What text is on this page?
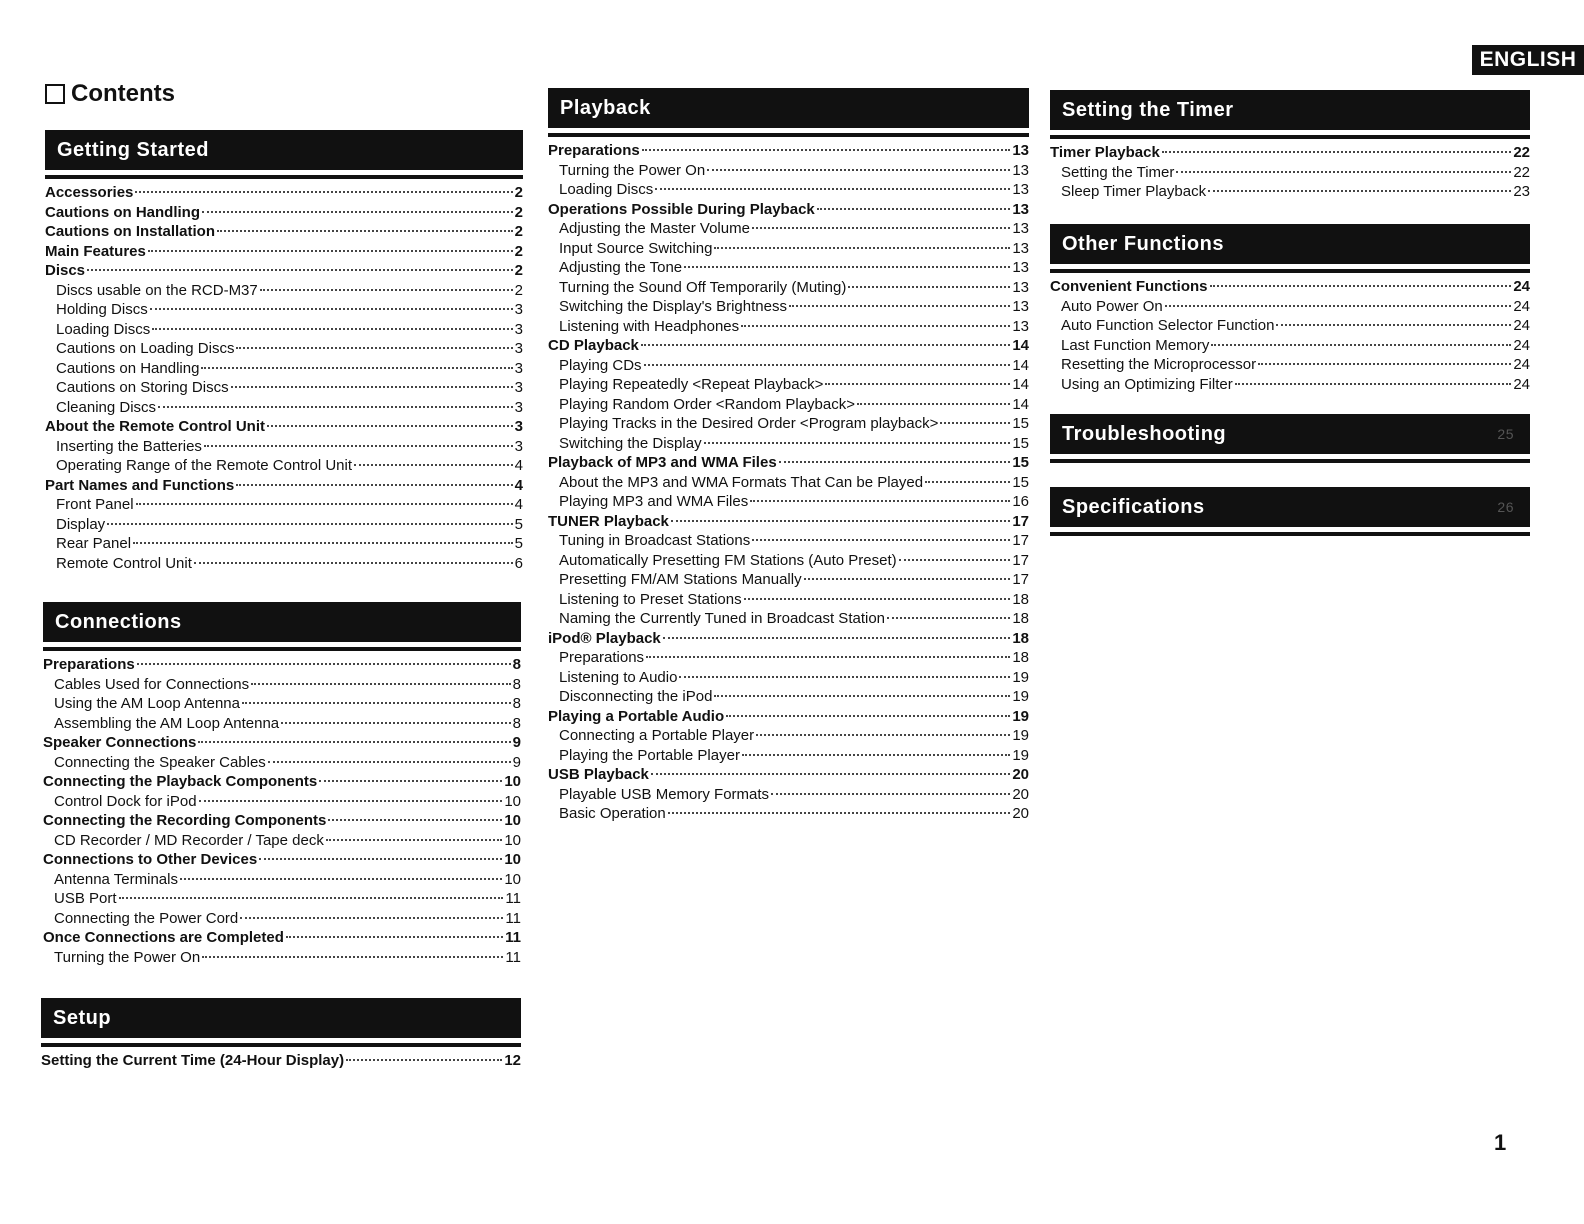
ENGLISH
Contents
Getting Started
Accessories	2
Cautions on Handling	2
Cautions on Installation	2
Main Features	2
Discs	2
Discs usable on the RCD-M37	2
Holding Discs	3
Loading Discs	3
Cautions on Loading Discs	3
Cautions on Handling	3
Cautions on Storing Discs	3
Cleaning Discs	3
About the Remote Control Unit	3
Inserting the Batteries	3
Operating Range of the Remote Control Unit	4
Part Names and Functions	4
Front Panel	4
Display	5
Rear Panel	5
Remote Control Unit	6
Connections
Preparations	8
Cables Used for Connections	8
Using the AM Loop Antenna	8
Assembling the AM Loop Antenna	8
Speaker Connections	9
Connecting the Speaker Cables	9
Connecting the Playback Components	10
Control Dock for iPod	10
Connecting the Recording Components	10
CD Recorder / MD Recorder / Tape deck	10
Connections to Other Devices	10
Antenna Terminals	10
USB Port	11
Connecting the Power Cord	11
Once Connections are Completed	11
Turning the Power On	11
Setup
Setting the Current Time (24-Hour Display)	12
Playback
Preparations	13
Turning the Power On	13
Loading Discs	13
Operations Possible During Playback	13
Adjusting the Master Volume	13
Input Source Switching	13
Adjusting the Tone	13
Turning the Sound Off Temporarily (Muting)	13
Switching the Display's Brightness	13
Listening with Headphones	13
CD Playback	14
Playing CDs	14
Playing Repeatedly <Repeat Playback>	14
Playing Random Order <Random Playback>	14
Playing Tracks in the Desired Order <Program playback>	15
Switching the Display	15
Playback of MP3 and WMA Files	15
About the MP3 and WMA Formats That Can be Played	15
Playing MP3 and WMA Files	16
TUNER Playback	17
Tuning in Broadcast Stations	17
Automatically Presetting FM Stations (Auto Preset)	17
Presetting FM/AM Stations Manually	17
Listening to Preset Stations	18
Naming the Currently Tuned in Broadcast Station	18
iPod® Playback	18
Preparations	18
Listening to Audio	19
Disconnecting the iPod	19
Playing a Portable Audio	19
Connecting a Portable Player	19
Playing the Portable Player	19
USB Playback	20
Playable USB Memory Formats	20
Basic Operation	20
Setting the Timer
Timer Playback	22
Setting the Timer	22
Sleep Timer Playback	23
Other Functions
Convenient Functions	24
Auto Power On	24
Auto Function Selector Function	24
Last Function Memory	24
Resetting the Microprocessor	24
Using an Optimizing Filter	24
Troubleshooting	25
Specifications	26
1
